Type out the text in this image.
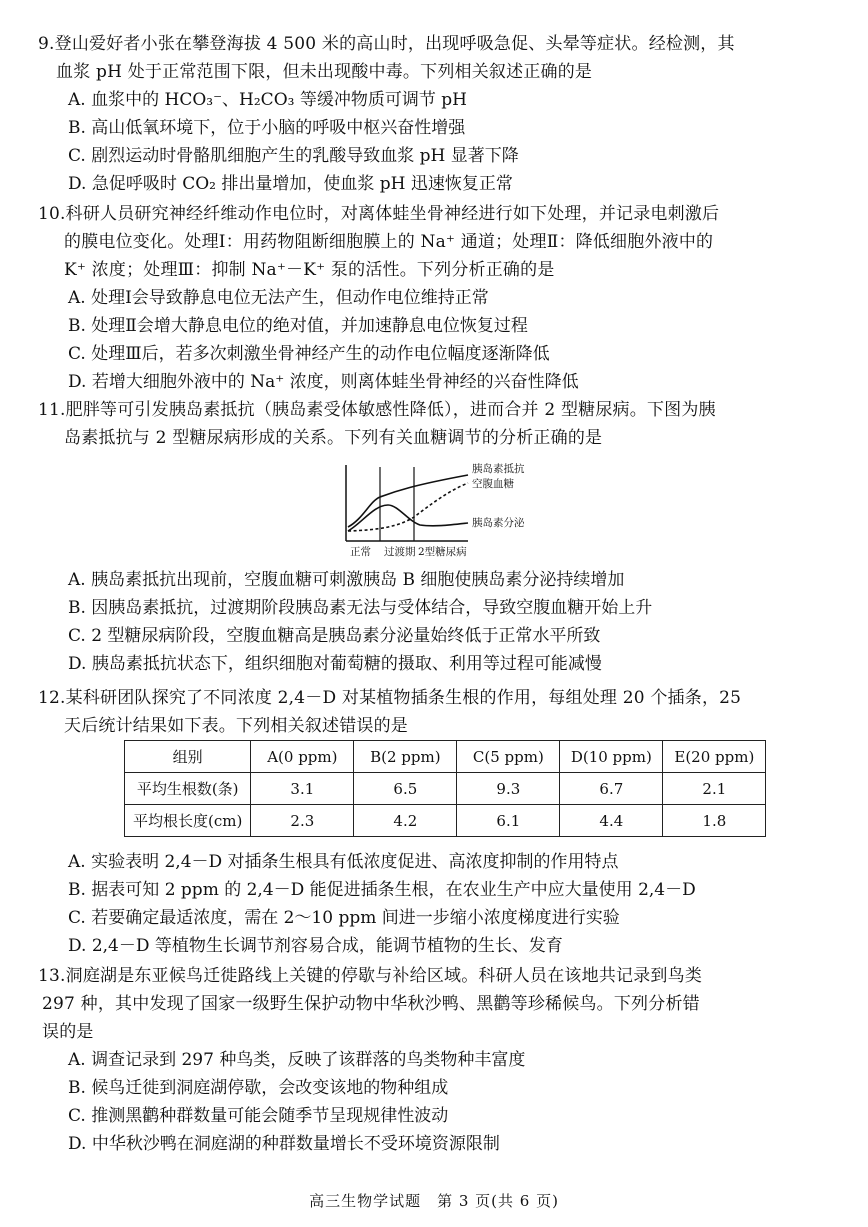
9.登山爱好者小张在攀登海拔 4 500 米的高山时，出现呼吸急促、头晕等症状。经检测，其
血浆 pH 处于正常范围下限，但未出现酸中毒。下列相关叙述正确的是
A. 血浆中的 HCO₃⁻、H₂CO₃ 等缓冲物质可调节 pH
B. 高山低氧环境下，位于小脑的呼吸中枢兴奋性增强
C. 剧烈运动时骨骼肌细胞产生的乳酸导致血浆 pH 显著下降
D. 急促呼吸时 CO₂ 排出量增加，使血浆 pH 迅速恢复正常
10.科研人员研究神经纤维动作电位时，对离体蛙坐骨神经进行如下处理，并记录电刺激后
的膜电位变化。处理Ⅰ：用药物阻断细胞膜上的 Na⁺ 通道；处理Ⅱ：降低细胞外液中的
K⁺ 浓度；处理Ⅲ：抑制 Na⁺－K⁺ 泵的活性。下列分析正确的是
A. 处理Ⅰ会导致静息电位无法产生，但动作电位维持正常
B. 处理Ⅱ会增大静息电位的绝对值，并加速静息电位恢复过程
C. 处理Ⅲ后，若多次刺激坐骨神经产生的动作电位幅度逐渐降低
D. 若增大细胞外液中的 Na⁺ 浓度，则离体蛙坐骨神经的兴奋性降低
11.肥胖等可引发胰岛素抵抗（胰岛素受体敏感性降低），进而合并 2 型糖尿病。下图为胰
岛素抵抗与 2 型糖尿病形成的关系。下列有关血糖调节的分析正确的是
A. 胰岛素抵抗出现前，空腹血糖可刺激胰岛 B 细胞使胰岛素分泌持续增加
B. 因胰岛素抵抗，过渡期阶段胰岛素无法与受体结合，导致空腹血糖开始上升
C. 2 型糖尿病阶段，空腹血糖高是胰岛素分泌量始终低于正常水平所致
D. 胰岛素抵抗状态下，组织细胞对葡萄糖的摄取、利用等过程可能减慢
胰岛素抵抗
空腹血糖
胰岛素分泌
正常 过渡期 2型糖尿病
12.某科研团队探究了不同浓度 2,4－D 对某植物插条生根的作用，每组处理 20 个插条，25
天后统计结果如下表。下列相关叙述错误的是
A. 实验表明 2,4－D 对插条生根具有低浓度促进、高浓度抑制的作用特点
B. 据表可知 2 ppm 的 2,4－D 能促进插条生根，在农业生产中应大量使用 2,4－D
C. 若要确定最适浓度，需在 2～10 ppm 间进一步缩小浓度梯度进行实验
D. 2,4－D 等植物生长调节剂容易合成，能调节植物的生长、发育
组别	A(0 ppm)	B(2 ppm)	C(5 ppm)	D(10 ppm)	E(20 ppm)
平均生根数(条)	3.1	6.5	9.3	6.7	2.1
平均根长度(cm)	2.3	4.2	6.1	4.4	1.8
13.洞庭湖是东亚候鸟迁徙路线上关键的停歇与补给区域。科研人员在该地共记录到鸟类
297 种，其中发现了国家一级野生保护动物中华秋沙鸭、黑鹳等珍稀候鸟。下列分析错
误的是
A. 调查记录到 297 种鸟类，反映了该群落的鸟类物种丰富度
B. 候鸟迁徙到洞庭湖停歇，会改变该地的物种组成
C. 推测黑鹳种群数量可能会随季节呈现规律性波动
D. 中华秋沙鸭在洞庭湖的种群数量增长不受环境资源限制
高三生物学试题　第 3 页(共 6 页)
